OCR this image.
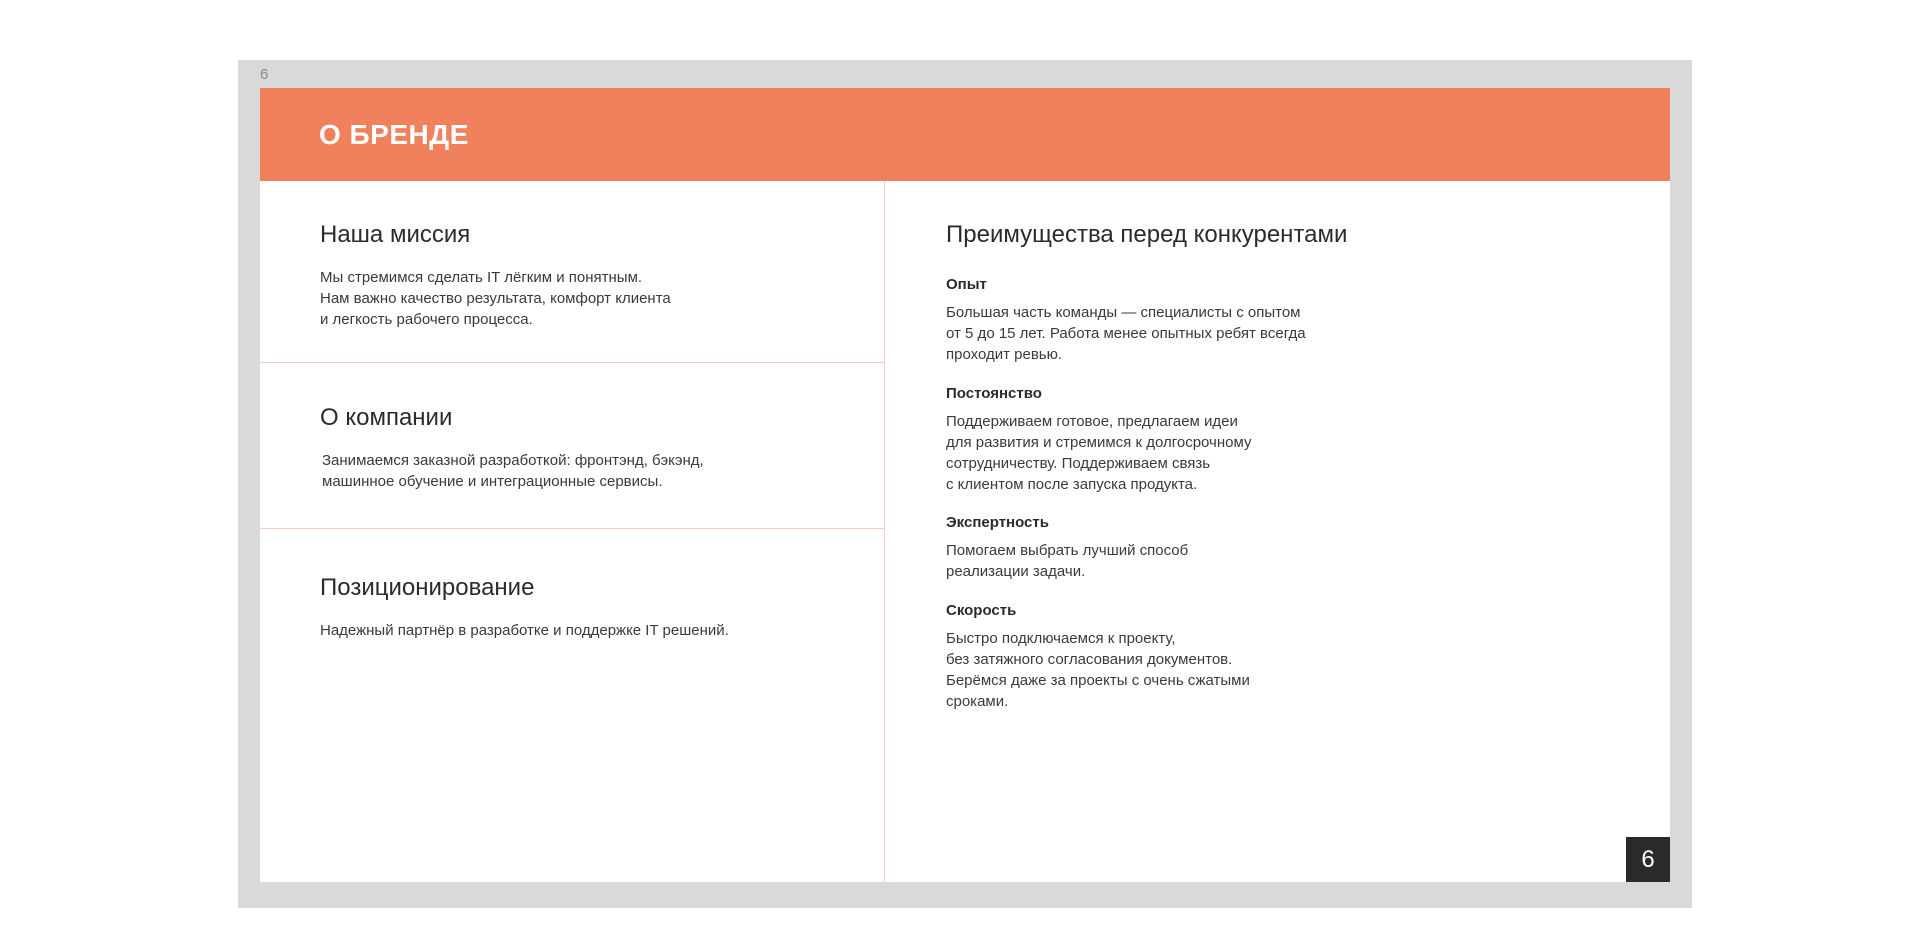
6
О БРЕНДЕ
Наша миссия
Мы стремимся сделать IT лёгким и понятным.
Нам важно качество результата, комфорт клиента
и легкость рабочего процесса.
О компании
Занимаемся заказной разработкой: фронтэнд, бэкэнд,
машинное обучение и интеграционные сервисы.
Позиционирование
Надежный партнёр в разработке и поддержке IT решений.
Преимущества перед конкурентами
Опыт
Большая часть команды — специалисты с опытом
от 5 до 15 лет. Работа менее опытных ребят всегда
проходит ревью.
Постоянство
Поддерживаем готовое, предлагаем идеи
для развития и стремимся к долгосрочному
сотрудничеству. Поддерживаем связь
с клиентом после запуска продукта.
Экспертность
Помогаем выбрать лучший способ
реализации задачи.
Скорость
Быстро подключаемся к проекту,
без затяжного согласования документов.
Берёмся даже за проекты с очень сжатыми
сроками.
6
